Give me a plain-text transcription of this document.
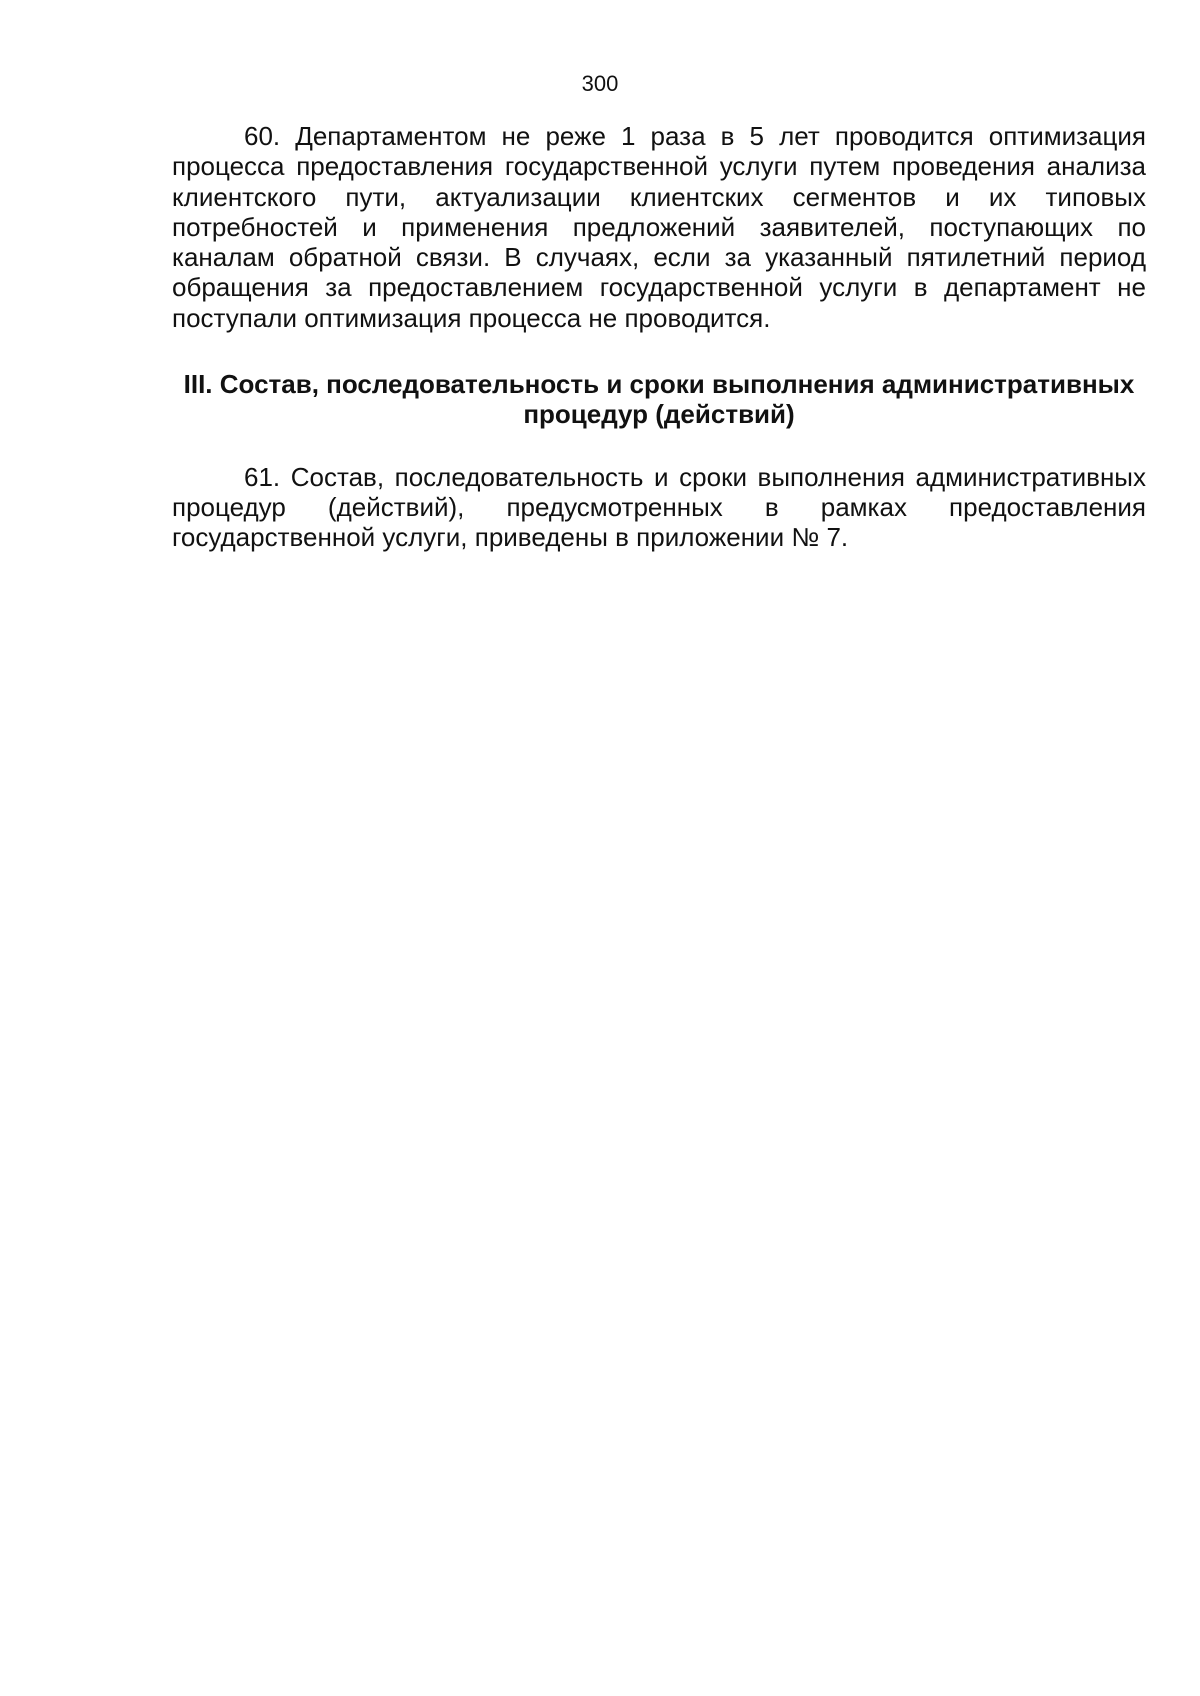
300

60. Департаментом не реже 1 раза в 5 лет проводится оптимизация процесса предоставления государственной услуги путем проведения анализа клиентского пути, актуализации клиентских сегментов и их типовых потребностей и применения предложений заявителей, поступающих по каналам обратной связи. В случаях, если за указанный пятилетний период обращения за предоставлением государственной услуги в департамент не поступали оптимизация процесса не проводится.

III. Состав, последовательность и сроки выполнения административных процедур (действий)

61. Состав, последовательность и сроки выполнения административных процедур (действий), предусмотренных в рамках предоставления государственной услуги, приведены в приложении № 7.
